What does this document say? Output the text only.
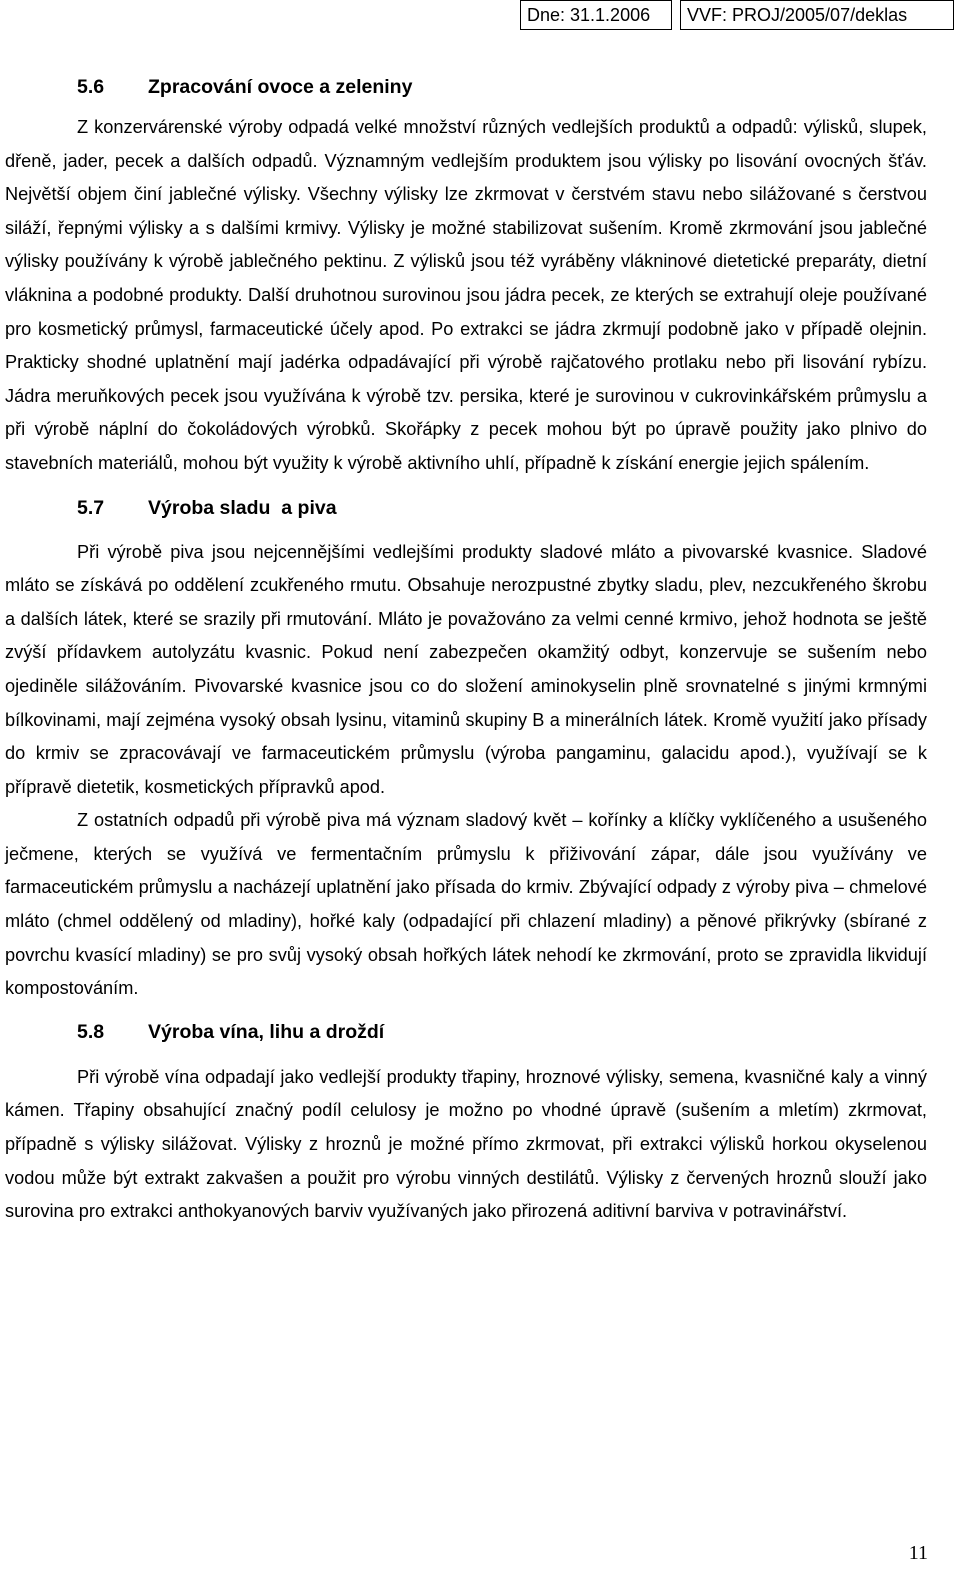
Dne: 31.1.2006	VVF: PROJ/2005/07/deklas
5.6	Zpracování ovoce a zeleniny

Z konzervárenské výroby odpadá velké množství různých vedlejších produktů a odpadů: výlisků, slupek, dřeně, jader, pecek a dalších odpadů. Významným vedlejším produktem jsou výlisky po lisování ovocných šťáv. Největší objem činí jablečné výlisky. Všechny výlisky lze zkrmovat v čerstvém stavu nebo silážované s čerstvou siláží, řepnými výlisky a s dalšími krmivy. Výlisky je možné stabilizovat sušením. Kromě zkrmování jsou jablečné výlisky používány k výrobě jablečného pektinu. Z výlisků jsou též vyráběny vlákninové dietetické preparáty, dietní vláknina a podobné produkty. Další druhotnou surovinou jsou jádra pecek, ze kterých se extrahují oleje používané pro kosmetický průmysl, farmaceutické účely apod. Po extrakci se jádra zkrmují podobně jako v případě olejnin. Prakticky shodné uplatnění mají jadérka odpadávající při výrobě rajčatového protlaku nebo při lisování rybízu. Jádra meruňkových pecek jsou využívána k výrobě tzv. persika, které je surovinou v cukrovinkářském průmyslu a při výrobě náplní do čokoládových výrobků. Skořápky z pecek mohou být po úpravě použity jako plnivo do stavebních materiálů, mohou být využity k výrobě aktivního uhlí, případně k získání energie jejich spálením.

5.7	Výroba sladu  a piva

Při výrobě piva jsou nejcennějšími vedlejšími produkty sladové mláto a pivovarské kvasnice. Sladové mláto se získává po oddělení zcukřeného rmutu. Obsahuje nerozpustné zbytky sladu, plev, nezcukřeného škrobu a dalších látek, které se srazily při rmutování. Mláto je považováno za velmi cenné krmivo, jehož hodnota se ještě zvýší přídavkem autolyzátu kvasnic. Pokud není zabezpečen okamžitý odbyt, konzervuje se sušením nebo ojediněle silážováním. Pivovarské kvasnice jsou co do složení aminokyselin plně srovnatelné s jinými krmnými bílkovinami, mají zejména vysoký obsah lysinu, vitaminů skupiny B a minerálních látek. Kromě využití jako přísady do krmiv se zpracovávají ve farmaceutickém průmyslu (výroba pangaminu, galacidu apod.), využívají se k přípravě dietetik, kosmetických přípravků apod.

Z ostatních odpadů při výrobě piva má význam sladový květ – kořínky a klíčky vyklíčeného a usušeného ječmene, kterých se využívá ve fermentačním průmyslu k přiživování zápar, dále jsou využívány ve farmaceutickém průmyslu a nacházejí uplatnění jako přísada do krmiv. Zbývající odpady z výroby piva – chmelové mláto (chmel oddělený od mladiny), hořké kaly (odpadající při chlazení mladiny) a pěnové přikrývky (sbírané z povrchu kvasící mladiny) se pro svůj vysoký obsah hořkých látek nehodí ke zkrmování, proto se zpravidla likvidují kompostováním.

5.8	Výroba vína, lihu a droždí

Při výrobě vína odpadají jako vedlejší produkty třapiny, hroznové výlisky, semena, kvasničné kaly a vinný kámen. Třapiny obsahující značný podíl celulosy je možno po vhodné úpravě (sušením a mletím) zkrmovat, případně s výlisky silážovat. Výlisky z hroznů je možné přímo zkrmovat, při extrakci výlisků horkou okyselenou vodou může být extrakt zakvašen a použit pro výrobu vinných destilátů. Výlisky z červených hroznů slouží jako surovina pro extrakci anthokyanových barviv využívaných jako přirozená aditivní barviva v potravinářství.

11
